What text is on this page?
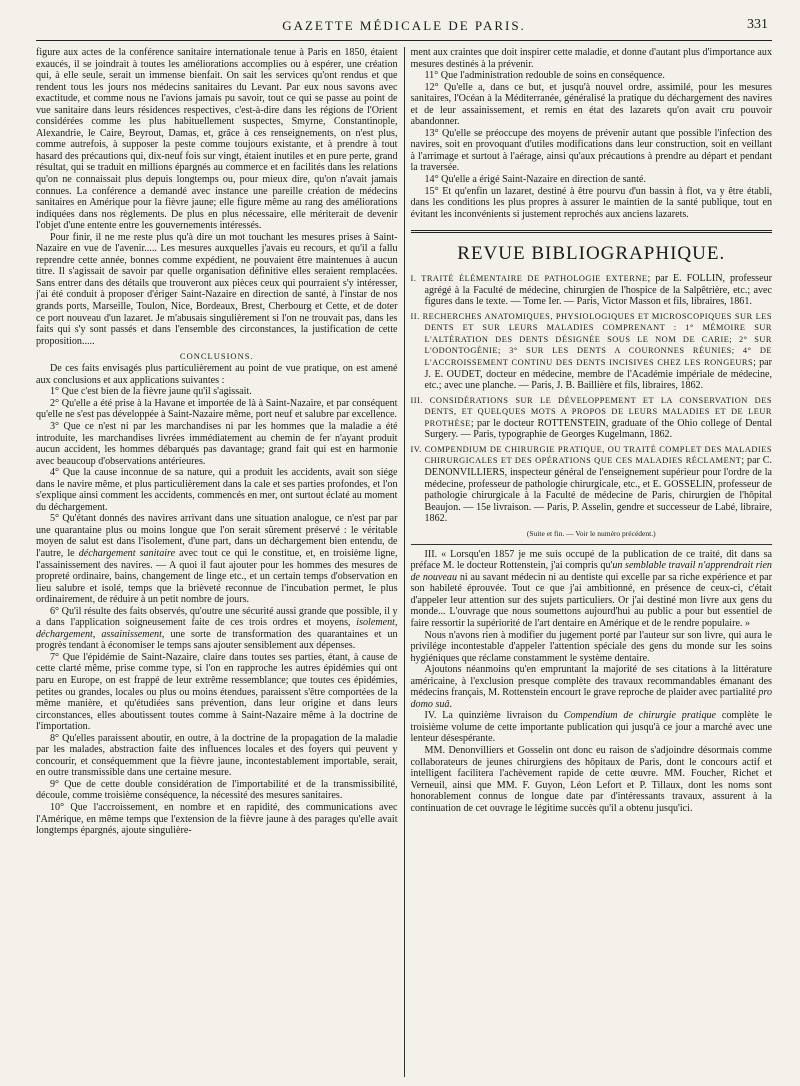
GAZETTE MÉDICALE DE PARIS.	331

figure aux actes de la conférence sanitaire internationale tenue à Paris en 1850, étaient exaucés, il se joindrait à toutes les améliorations accomplies ou à espérer, une création qui, à elle seule, serait un immense bienfait. On sait les services qu'ont rendus et que rendent tous les jours nos médecins sanitaires du Levant. Par eux nous savons avec exactitude, et comme nous ne l'avions jamais pu savoir, tout ce qui se passe au point de vue sanitaire dans leurs résidences respectives, c'est-à-dire dans les régions de l'Orient considérées comme les plus habituellement suspectes, Smyrne, Constantinople, Alexandrie, le Caire, Beyrout, Damas, et, grâce à ces renseignements, on n'est plus, comme autrefois, à supposer la peste comme toujours existante, et à prendre à tout hasard des précautions qui, dix-neuf fois sur vingt, étaient inutiles et en pure perte, grand résultat, qui se traduit en millions épargnés au commerce et en facilités dans les relations qu'on ne connaissait plus depuis longtemps ou, pour mieux dire, qu'on n'avait jamais connues. La conférence a demandé avec instance une pareille création de médecins sanitaires en Amérique pour la fièvre jaune; elle figure même au rang des améliorations indiquées dans nos règlements. De plus en plus nécessaire, elle mériterait de devenir l'objet d'une entente entre les gouvernements intéressés.

Pour finir, il ne me reste plus qu'à dire un mot touchant les mesures prises à Saint-Nazaire en vue de l'avenir..... Les mesures auxquelles j'avais eu recours, et qu'il a fallu reprendre cette année, bonnes comme expédient, ne pouvaient être maintenues à aucun titre. Il s'agissait de savoir par quelle organisation définitive elles seraient remplacées. Sans entrer dans des détails que trouveront aux pièces ceux qui pourraient s'y intéresser, j'ai été conduit à proposer d'ériger Saint-Nazaire en direction de santé, à l'instar de nos grands ports, Marseille, Toulon, Nice, Bordeaux, Brest, Cherbourg et Cette, et de doter ce port nouveau d'un lazaret. Je m'abusais singulièrement si l'on ne trouvait pas, dans les faits qui s'y sont passés et dans l'ensemble des circonstances, la justification de cette proposition.....

CONCLUSIONS.

De ces faits envisagés plus particulièrement au point de vue pratique, on est amené aux conclusions et aux applications suivantes :

1° Que c'est bien de la fièvre jaune qu'il s'agissait.

2° Qu'elle a été prise à la Havane et importée de là à Saint-Nazaire, et par conséquent qu'elle ne s'est pas développée à Saint-Nazaire même, port neuf et salubre par excellence.

3° Que ce n'est ni par les marchandises ni par les hommes que la maladie a été introduite, les marchandises livrées immédiatement au chemin de fer n'ayant produit aucun accident, les hommes débarqués pas davantage; grand fait qui est en harmonie avec beaucoup d'observations antérieures.

4° Que la cause inconnue de sa nature, qui a produit les accidents, avait son siége dans le navire même, et plus particulièrement dans la cale et ses parties profondes, et l'on s'explique ainsi comment les accidents, commencés en mer, ont surtout éclaté au moment du déchargement.

5° Qu'étant donnés des navires arrivant dans une situation analogue, ce n'est par par une quarantaine plus ou moins longue que l'on serait sûrement préservé : le véritable moyen de salut est dans l'isolement, d'une part, dans un déchargement bien entendu, de l'autre, le déchargement sanitaire avec tout ce qui le constitue, et, en troisième ligne, l'assainissement des navires. — A quoi il faut ajouter pour les hommes des mesures de propreté ordinaire, bains, changement de linge etc., et un certain temps d'observation en lieu salubre et isolé, temps que la brièveté reconnue de l'incubation permet, le plus ordinairement, de réduire à un petit nombre de jours.

6° Qu'il résulte des faits observés, qu'outre une sécurité aussi grande que possible, il y a dans l'application soigneusement faite de ces trois ordres et moyens, isolement, déchargement, assainissement, une sorte de transformation des quarantaines et un progrès tendant à économiser le temps sans ajouter sensiblement aux dépenses.

7° Que l'épidémie de Saint-Nazaire, claire dans toutes ses parties, étant, à cause de cette clarté même, prise comme type, si l'on en rapproche les autres épidémies qui ont paru en Europe, on est frappé de leur extrême ressemblance; que toutes ces épidémies, petites ou grandes, locales ou plus ou moins étendues, paraissent s'être comportées de la même manière, et qu'étudiées sans prévention, dans leur origine et dans leurs circonstances, elles aboutissent toutes comme à Saint-Nazaire même à la doctrine de l'importation.

8° Qu'elles paraissent aboutir, en outre, à la doctrine de la propagation de la maladie par les malades, abstraction faite des influences locales et des foyers qui peuvent y concourir, et conséquemment que la fièvre jaune, incontestablement importable, serait, en outre transmissible dans une certaine mesure.

9° Que de cette double considération de l'importabilité et de la transmissibilité, découle, comme troisième conséquence, la nécessité des mesures sanitaires.

10° Que l'accroissement, en nombre et en rapidité, des communications avec l'Amérique, en même temps que l'extension de la fièvre jaune à des parages qu'elle avait longtemps épargnés, ajoute singulière-

ment aux craintes que doit inspirer cette maladie, et donne d'autant plus d'importance aux mesures destinés à la prévenir.

11° Que l'administration redouble de soins en conséquence.

12° Qu'elle a, dans ce but, et jusqu'à nouvel ordre, assimilé, pour les mesures sanitaires, l'Océan à la Méditerranée, généralisé la pratique du déchargement des navires et de leur assainissement, et remis en état des lazarets qu'on avait cru pouvoir abandonner.

13° Qu'elle se préoccupe des moyens de prévenir autant que possible l'infection des navires, soit en provoquant d'utiles modifications dans leur construction, soit en veillant à l'arrimage et surtout à l'aérage, ainsi qu'aux précautions à prendre au départ et pendant la traversée.

14° Qu'elle a érigé Saint-Nazaire en direction de santé.

15° Et qu'enfin un lazaret, destiné à être pourvu d'un bassin à flot, va y être établi, dans les conditions les plus propres à assurer le maintien de la santé publique, tout en évitant les inconvénients si justement reprochés aux anciens lazarets.

REVUE BIBLIOGRAPHIQUE.
I. TRAITÉ ÉLÉMENTAIRE DE PATHOLOGIE EXTERNE; par E. FOLLIN, professeur agrégé à la Faculté de médecine, chirurgien de l'hospice de la Salpêtrière, etc.; avec figures dans le texte. — Tome Ier. — Paris, Victor Masson et fils, libraires, 1861.
II. RECHERCHES ANATOMIQUES, PHYSIOLOGIQUES ET MICROSCOPIQUES SUR LES DENTS ET SUR LEURS MALADIES COMPRENANT : 1° MÉMOIRE SUR L'ALTÉRATION DES DENTS DÉSIGNÉE SOUS LE NOM DE CARIE; 2° SUR L'ODONTOGÉNIE; 3° SUR LES DENTS A COURONNES RÉUNIES; 4° DE L'ACCROISSEMENT CONTINU DES DENTS INCISIVES CHEZ LES RONGEURS; par J. E. OUDET, docteur en médecine, membre de l'Académie impériale de médecine, etc.; avec une planche. — Paris, J. B. Baillière et fils, libraires, 1862.
III. CONSIDÉRATIONS SUR LE DÉVELOPPEMENT ET LA CONSERVATION DES DENTS, ET QUELQUES MOTS A PROPOS DE LEURS MALADIES ET DE LEUR PROTHÈSE; par le docteur ROTTENSTEIN, graduate of the Ohio college of Dental Surgery. — Paris, typographie de Georges Kugelmann, 1862.
IV. COMPENDIUM DE CHIRURGIE PRATIQUE, OU TRAITÉ COMPLET DES MALADIES CHIRURGICALES ET DES OPÉRATIONS QUE CES MALADIES RÉCLAMENT; par C. DENONVILLIERS, inspecteur général de l'enseignement supérieur pour l'ordre de la médecine, professeur de pathologie chirurgicale, etc., et E. GOSSELIN, professeur de pathologie chirurgicale à la Faculté de médecine de Paris, chirurgien de l'hôpital Beaujon. — 15e livraison. — Paris, P. Asselin, gendre et successeur de Labé, libraire, 1862.
(Suite et fin. — Voir le numéro précédent.)

III. « Lorsqu'en 1857 je me suis occupé de la publication de ce traité, dit dans sa préface M. le docteur Rottenstein, j'ai compris qu'un semblable travail n'apprendrait rien de nouveau ni au savant médecin ni au dentiste qui excelle par sa riche expérience et par son habileté éprouvée. Tout ce que j'ai ambitionné, en présence de ceux-ci, c'était d'appeler leur attention sur des sujets particuliers. Or j'ai destiné mon livre aux gens du monde... L'ouvrage que nous soumettons aujourd'hui au public a pour but essentiel de faire ressortir la supériorité de l'art dentaire en Amérique et de le rendre populaire. »

Nous n'avons rien à modifier du jugement porté par l'auteur sur son livre, qui aura le privilége incontestable d'appeler l'attention spéciale des gens du monde sur les soins hygiéniques que réclame constamment le système dentaire.

Ajoutons néanmoins qu'en empruntant la majorité de ses citations à la littérature américaine, à l'exclusion presque complète des travaux recommandables émanant des médecins français, M. Rottenstein encourt le grave reproche de plaider avec partialité pro domo suâ.

IV. La quinzième livraison du Compendium de chirurgie pratique complète le troisième volume de cette importante publication qui jusqu'à ce jour a marché avec une lenteur désespérante.

MM. Denonvilliers et Gosselin ont donc eu raison de s'adjoindre désormais comme collaborateurs de jeunes chirurgiens des hôpitaux de Paris, dont le concours actif et intelligent facilitera l'achèvement rapide de cette œuvre. MM. Foucher, Richet et Verneuil, ainsi que MM. F. Guyon, Léon Lefort et P. Tillaux, dont les noms sont honorablement connus de longue date par d'intéressants travaux, assurent à la continuation de cet ouvrage le légitime succès qu'il a obtenu jusqu'ici.
